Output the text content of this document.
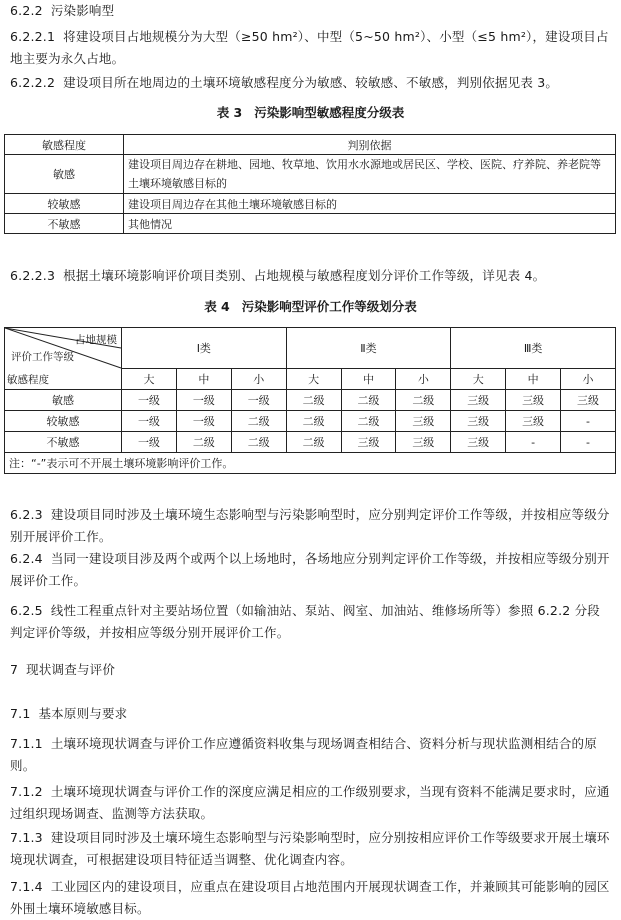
6.2.2 污染影响型
6.2.2.1 将建设项目占地规模分为大型（≥50 hm²）、中型（5~50 hm²）、小型（≤5 hm²），建设项目占地主要为永久占地。
6.2.2.2 建设项目所在地周边的土壤环境敏感程度分为敏感、较敏感、不敏感，判别依据见表 3。
表 3 污染影响型敏感程度分级表
敏感程度	判别依据
敏感	建设项目周边存在耕地、园地、牧草地、饮用水水源地或居民区、学校、医院、疗养院、养老院等土壤环境敏感目标的
较敏感	建设项目周边存在其他土壤环境敏感目标的
不敏感	其他情况
6.2.2.3 根据土壤环境影响评价项目类别、占地规模与敏感程度划分评价工作等级，详见表 4。
表 4 污染影响型评价工作等级划分表
占地规模
评价工作等级
敏感程度	Ⅰ类			Ⅱ类			Ⅲ类		
	大	中	小	大	中	小	大	中	小
敏感	一级	一级	一级	二级	二级	二级	三级	三级	三级
较敏感	一级	一级	二级	二级	二级	三级	三级	三级	-
不敏感	一级	二级	二级	二级	三级	三级	三级	-	-
注：“-”表示可不开展土壤环境影响评价工作。									
6.2.3 建设项目同时涉及土壤环境生态影响型与污染影响型时，应分别判定评价工作等级，并按相应等级分别开展评价工作。
6.2.4 当同一建设项目涉及两个或两个以上场地时，各场地应分别判定评价工作等级，并按相应等级分别开展评价工作。
6.2.5 线性工程重点针对主要站场位置（如输油站、泵站、阀室、加油站、维修场所等）参照 6.2.2 分段判定评价等级，并按相应等级分别开展评价工作。
7 现状调查与评价
7.1 基本原则与要求
7.1.1 土壤环境现状调查与评价工作应遵循资料收集与现场调查相结合、资料分析与现状监测相结合的原则。
7.1.2 土壤环境现状调查与评价工作的深度应满足相应的工作级别要求，当现有资料不能满足要求时，应通过组织现场调查、监测等方法获取。
7.1.3 建设项目同时涉及土壤环境生态影响型与污染影响型时，应分别按相应评价工作等级要求开展土壤环境现状调查，可根据建设项目特征适当调整、优化调查内容。
7.1.4 工业园区内的建设项目，应重点在建设项目占地范围内开展现状调查工作，并兼顾其可能影响的园区外围土壤环境敏感目标。
